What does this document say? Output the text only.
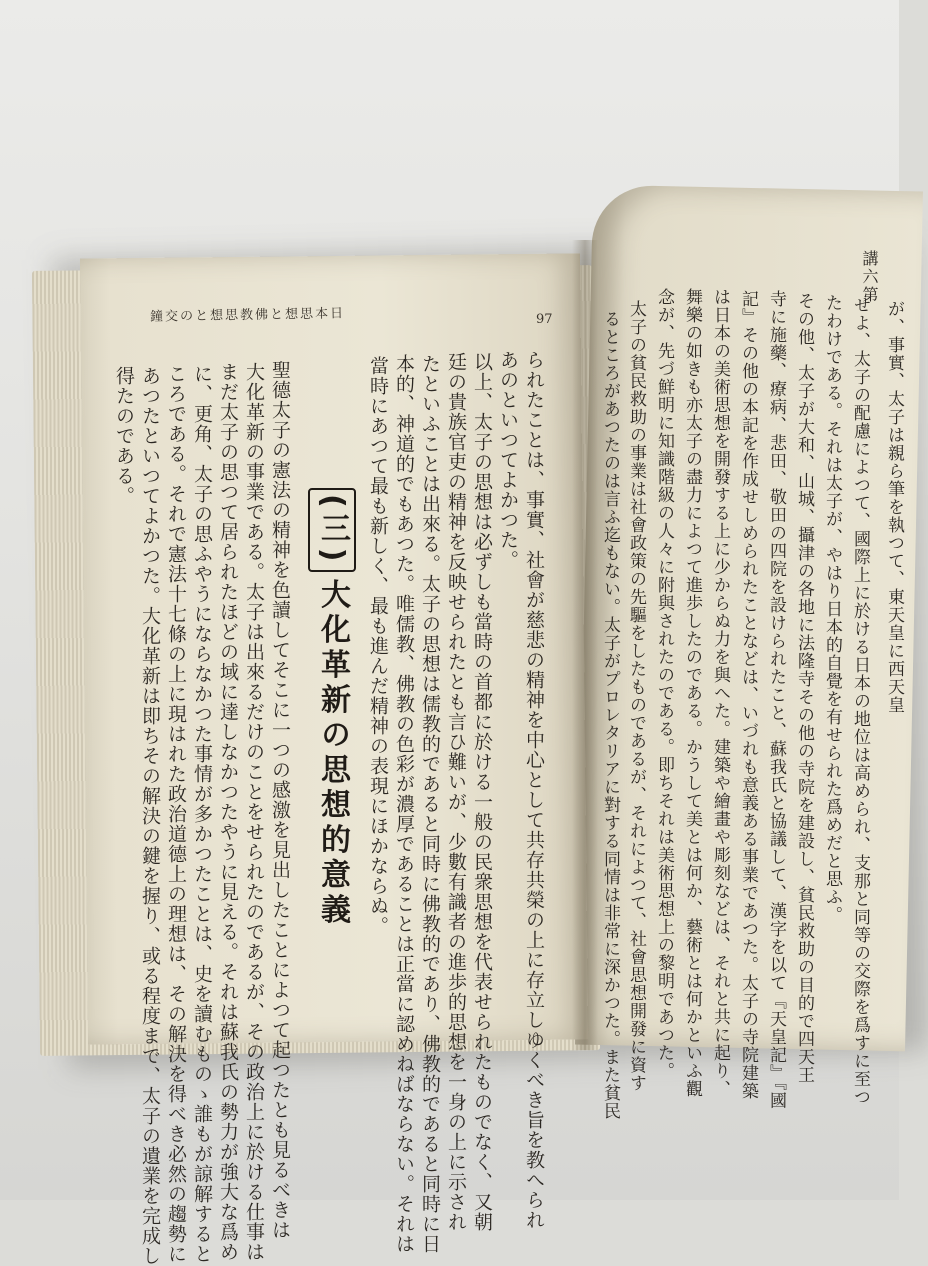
鐘交のと想思教佛と想思本日	97
られたことは、事實、社會が慈悲の精神を中心として共存共榮の上に存立しゆくべき旨を教へられ
あのといつてよかつた。
以上、太子の思想は必ずしも當時の首都に於ける一般の民衆思想を代表せられたものでなく、又朝
廷の貴族官吏の精神を反映せられたとも言ひ難いが、少數有識者の進歩的思想を一身の上に示され
たといふことは出來る。太子の思想は儒教的であると同時に佛教的であり、佛教的であると同時に日
本的、神道的でもあつた。唯儒教、佛教の色彩が濃厚であることは正當に認めねばならない。それは
當時にあつて最も新しく、最も進んだ精神の表現にほかならぬ。
(三)大化革新の思想的意義
聖德太子の憲法の精神を色讀してそこに一つの感激を見出したことによつて起つたとも見るべきは
大化革新の事業である。太子は出來るだけのことをせられたのであるが、その政治上に於ける仕事は
まだ太子の思つて居られたほどの域に達しなかつたやうに見える。それは蘇我氏の勢力が強大な爲め
に、更角、太子の思ふやうにならなかつた事情が多かつたことは、史を讀むものゝ誰もが諒解すると
ころである。それで憲法十七條の上に現はれた政治道德上の理想は、その解決を得べき必然の趨勢に
あつたといつてよかつた。大化革新は即ちその解決の鍵を握り、或る程度まで、太子の遺業を完成し
得たのである。
講六第
が、事實、太子は親ら筆を執つて、東天皇に西天皇
せよ、太子の配慮によつて、國際上に於ける日本の地位は高められ、支那と同等の交際を爲すに至つ
たわけである。それは太子が、やはり日本的自覺を有せられた爲めだと思ふ。
その他、太子が大和、山城、攝津の各地に法隆寺その他の寺院を建設し、貧民救助の目的で四天王
寺に施藥、療病、悲田、敬田の四院を設けられたこと、蘇我氏と協議して、漢字を以て『天皇記』『國
記』その他の本記を作成せしめられたことなどは、いづれも意義ある事業であつた。太子の寺院建築
は日本の美術思想を開發する上に少からぬ力を與へた。建築や繪畫や彫刻などは、それと共に起り、
舞樂の如きも亦太子の盡力によつて進歩したのである。かうして美とは何か、藝術とは何かといふ觀
念が、先づ鮮明に知識階級の人々に附與されたのである。即ちそれは美術思想上の黎明であつた。
太子の貧民救助の事業は社會政策の先驅をしたものであるが、それによつて、社會思想開發に資す
るところがあつたのは言ふ迄もない。太子がプロレタリアに對する同情は非常に深かつた。また貧民
